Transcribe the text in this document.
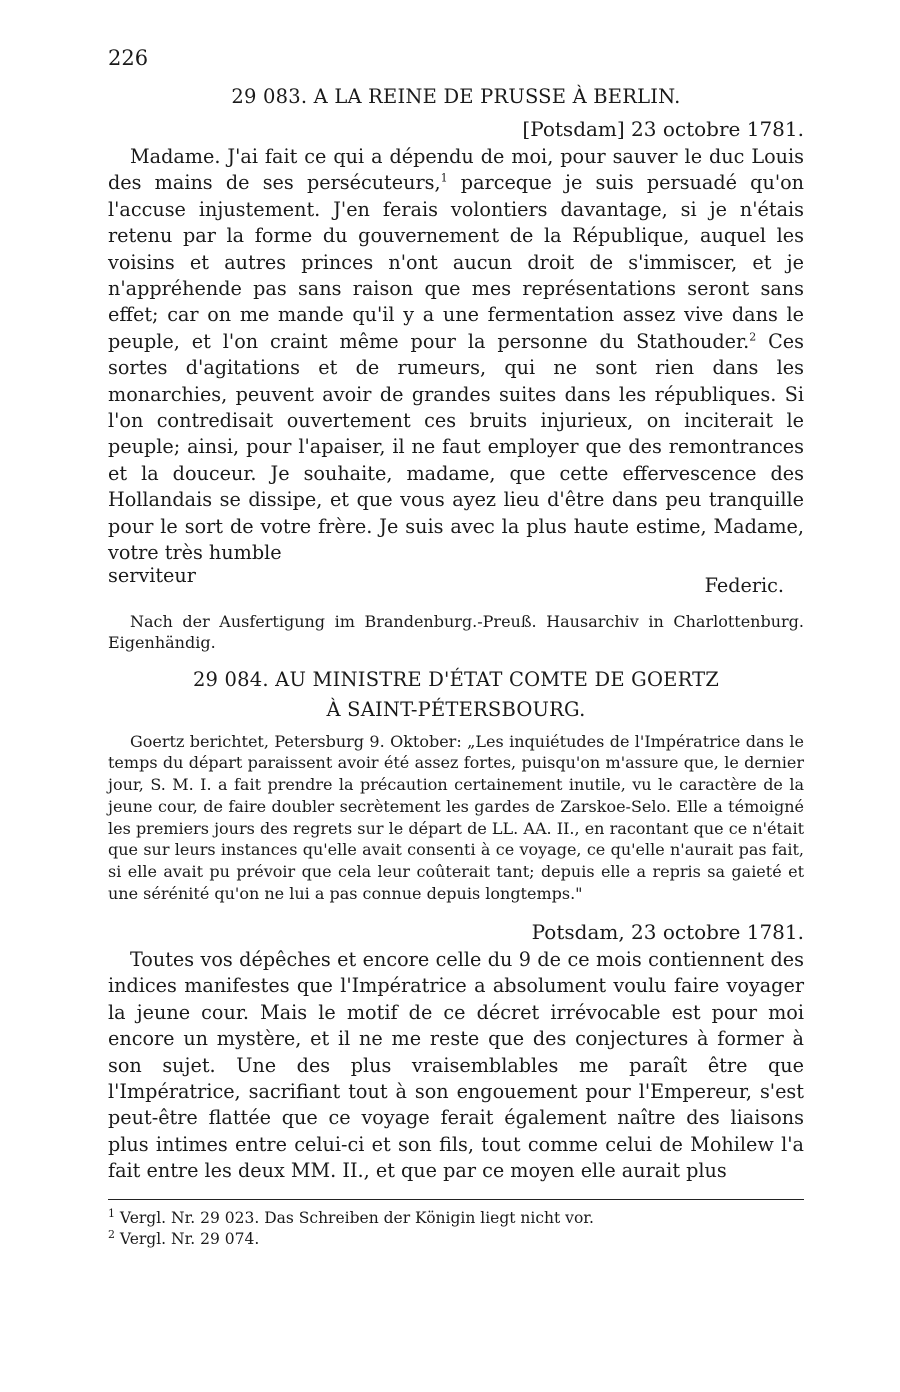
226
29 083. A LA REINE DE PRUSSE À BERLIN.
[Potsdam] 23 octobre 1781.

Madame. J'ai fait ce qui a dépendu de moi, pour sauver le duc Louis des mains de ses persécuteurs,$^1$ parceque je suis persuadé qu'on l'accuse injustement. J'en ferais volontiers davantage, si je n'étais retenu par la forme du gouvernement de la République, auquel les voisins et autres princes n'ont aucun droit de s'immiscer, et je n'appréhende pas sans raison que mes représentations seront sans effet; car on me mande qu'il y a une fermentation assez vive dans le peuple, et l'on craint même pour la personne du Stathouder.$^2$ Ces sortes d'agitations et de rumeurs, qui ne sont rien dans les monarchies, peuvent avoir de grandes suites dans les républiques. Si l'on contredisait ouvertement ces bruits injurieux, on inciterait le peuple; ainsi, pour l'apaiser, il ne faut employer que des remontrances et la douceur. Je souhaite, madame, que cette effervescence des Hollandais se dissipe, et que vous ayez lieu d'être dans peu tranquille pour le sort de votre frère. Je suis avec la plus haute estime, Madame, votre très humble

serviteur	Federic.

Nach der Ausfertigung im Brandenburg.-Preuß. Hausarchiv in Charlottenburg. Eigenhändig.

29 084. AU MINISTRE D'ÉTAT COMTE DE GOERTZ
À SAINT-PÉTERSBOURG.

Goertz berichtet, Petersburg 9. Oktober: „Les inquiétudes de l'Impératrice dans le temps du départ paraissent avoir été assez fortes, puisqu'on m'assure que, le dernier jour, S. M. I. a fait prendre la précaution certainement inutile, vu le caractère de la jeune cour, de faire doubler secrètement les gardes de Zarskoe-Selo. Elle a témoigné les premiers jours des regrets sur le départ de LL. AA. II., en racontant que ce n'était que sur leurs instances qu'elle avait consenti à ce voyage, ce qu'elle n'aurait pas fait, si elle avait pu prévoir que cela leur coûterait tant; depuis elle a repris sa gaieté et une sérénité qu'on ne lui a pas connue depuis longtemps."

Potsdam, 23 octobre 1781.

Toutes vos dépêches et encore celle du 9 de ce mois contiennent des indices manifestes que l'Impératrice a absolument voulu faire voyager la jeune cour. Mais le motif de ce décret irrévocable est pour moi encore un mystère, et il ne me reste que des conjectures à former à son sujet. Une des plus vraisemblables me paraît être que l'Impératrice, sacrifiant tout à son engouement pour l'Empereur, s'est peut-être flattée que ce voyage ferait également naître des liaisons plus intimes entre celui-ci et son fils, tout comme celui de Mohilew l'a fait entre les deux MM. II., et que par ce moyen elle aurait plus

$^1$ Vergl. Nr. 29 023. Das Schreiben der Königin liegt nicht vor.

$^2$ Vergl. Nr. 29 074.
